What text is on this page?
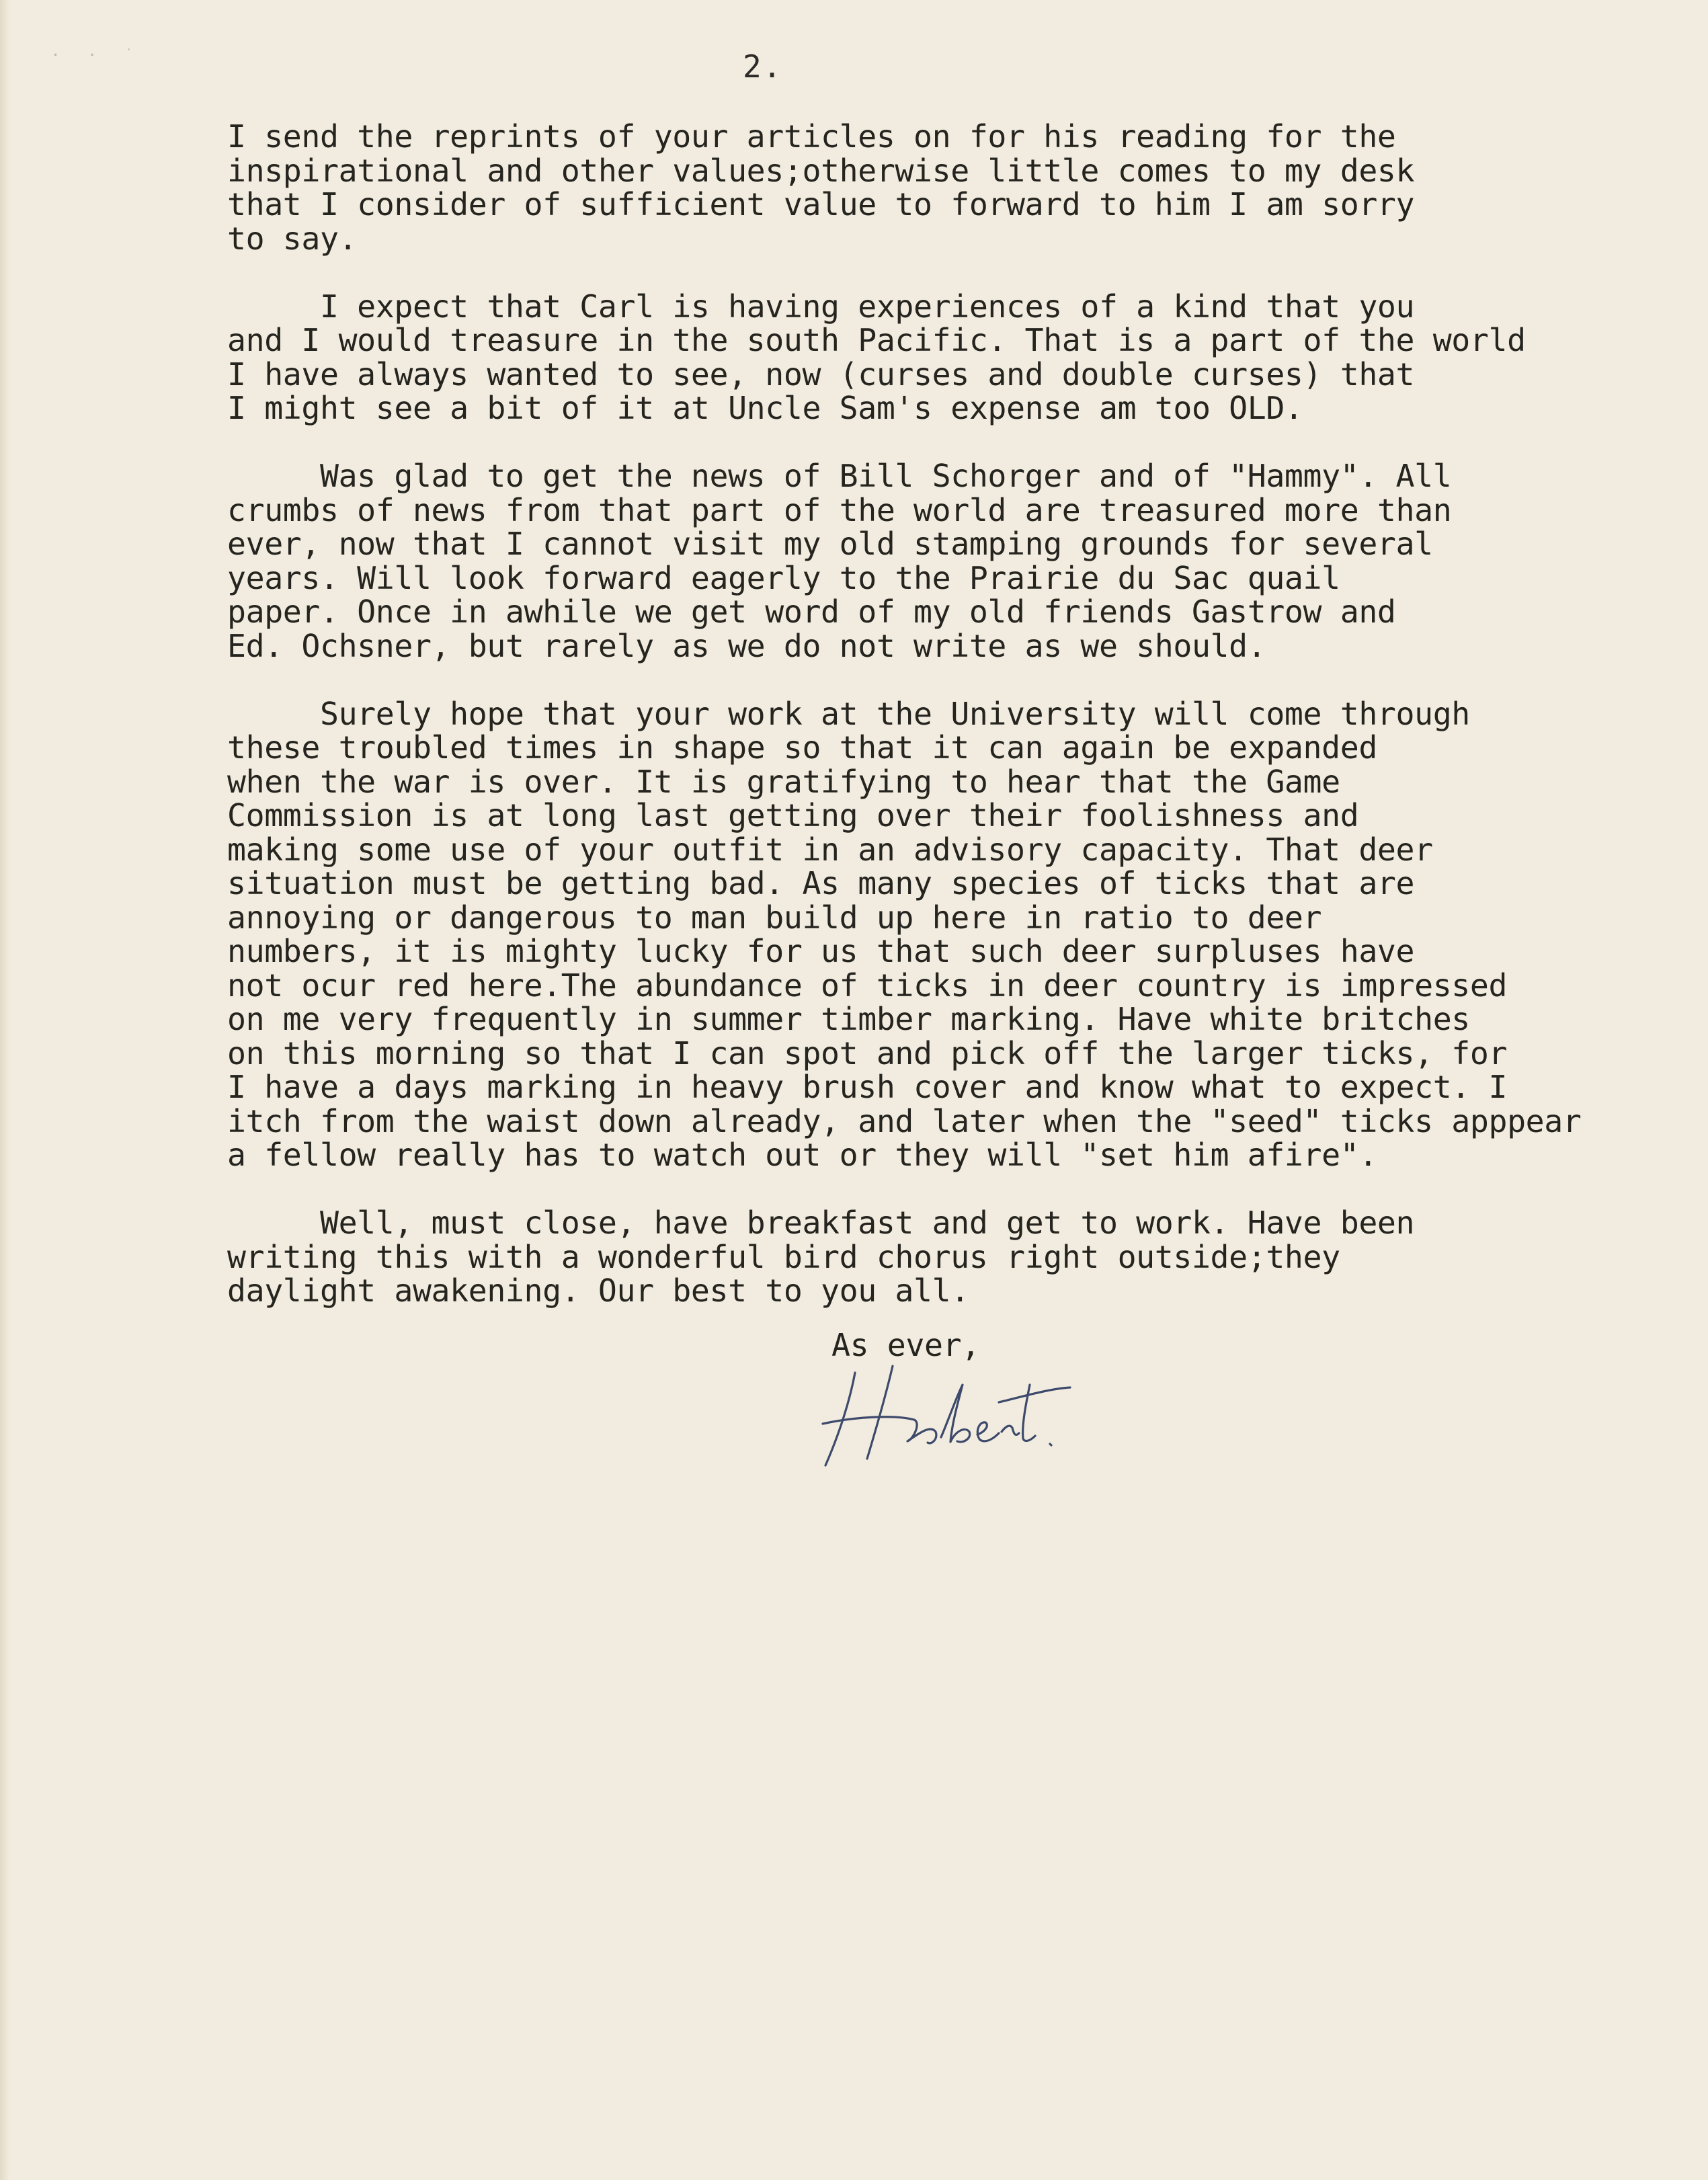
· · ˙	2.

I send the reprints of your articles on for his reading for the
inspirational and other values;otherwise little comes to my desk
that I consider of sufficient value to forward to him I am sorry
to say.

I expect that Carl is having experiences of a kind that you
and I would treasure in the south Pacific. That is a part of the world
I have always wanted to see, now (curses and double curses) that
I might see a bit of it at Uncle Sam's expense am too OLD.

Was glad to get the news of Bill Schorger and of "Hammy". All
crumbs of news from that part of the world are treasured more than
ever, now that I cannot visit my old stamping grounds for several
years. Will look forward eagerly to the Prairie du Sac quail
paper. Once in awhile we get word of my old friends Gastrow and
Ed. Ochsner, but rarely as we do not write as we should.

Surely hope that your work at the University will come through
these troubled times in shape so that it can again be expanded
when the war is over. It is gratifying to hear that the Game
Commission is at long last getting over their foolishness and
making some use of your outfit in an advisory capacity. That deer
situation must be getting bad. As many species of ticks that are
annoying or dangerous to man build up here in ratio to deer
numbers, it is mighty lucky for us that such deer surpluses have
not ocur red here.The abundance of ticks in deer country is impressed
on me very frequently in summer timber marking. Have white britches
on this morning so that I can spot and pick off the larger ticks, for
I have a days marking in heavy brush cover and know what to expect. I
itch from the waist down already, and later when the "seed" ticks apppear
a fellow really has to watch out or they will "set him afire".

Well, must close, have breakfast and get to work. Have been
writing this with a wonderful bird chorus right outside;they
daylight awakening. Our best to you all.

As ever,
